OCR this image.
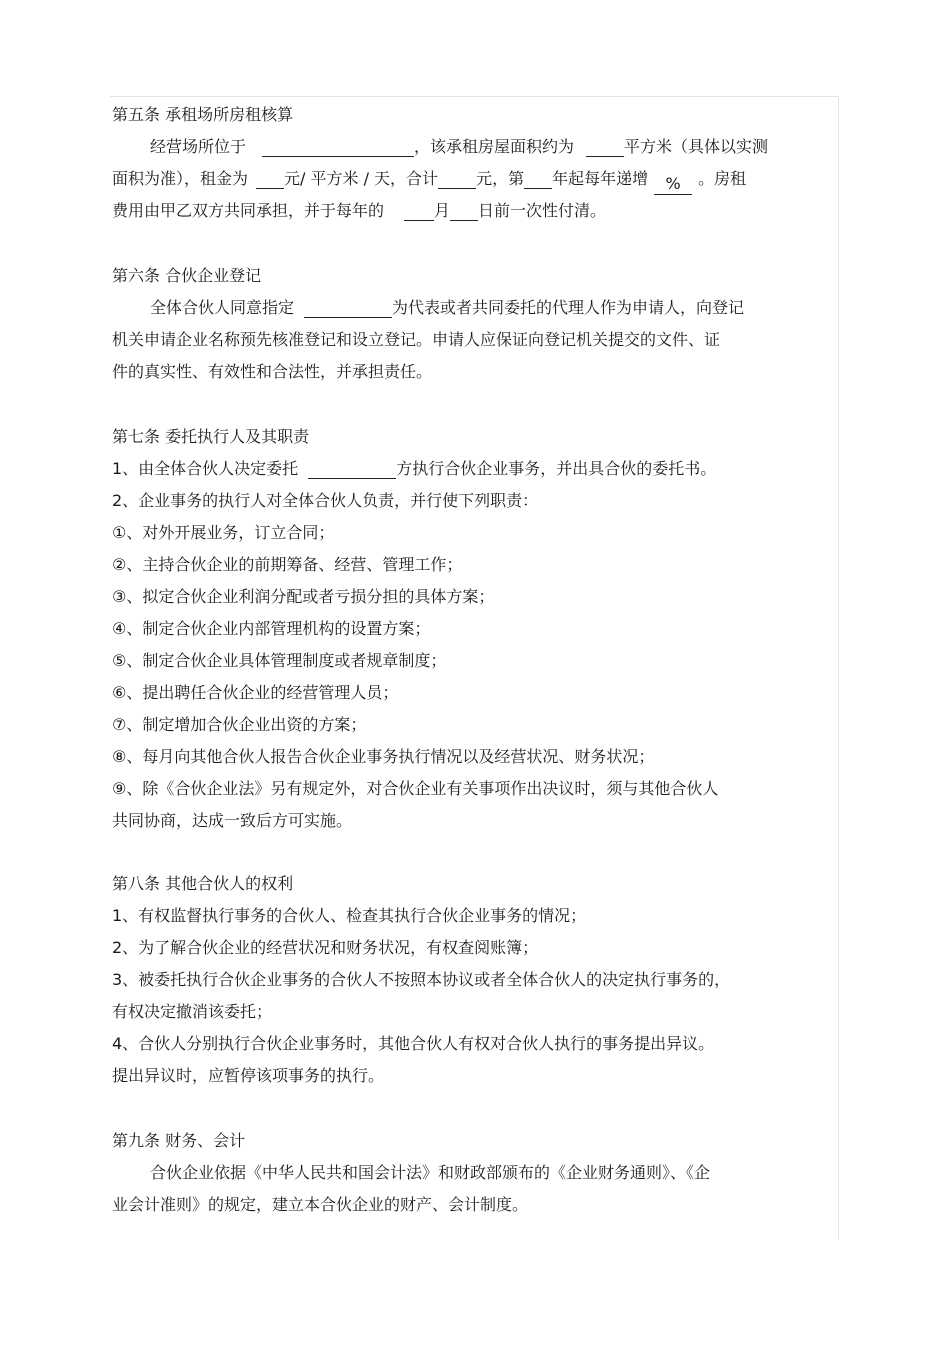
第五条 承租场所房租核算
经营场所位于	，该承租房屋面积约为	平方米（具体以实测
面积为准），租金为 元/ 平方米 / 天，合计 元，第 年起每年递增 % 。房租
费用由甲乙双方共同承担，并于每年的	月 日前一次性付清。
第六条 合伙企业登记
全体合伙人同意指定	为代表或者共同委托的代理人作为申请人，向登记
机关申请企业名称预先核准登记和设立登记。申请人应保证向登记机关提交的文件、证
件的真实性、有效性和合法性，并承担责任。
第七条 委托执行人及其职责
1、由全体合伙人决定委托	方执行合伙企业事务，并出具合伙的委托书。
2、企业事务的执行人对全体合伙人负责，并行使下列职责：
①、对外开展业务，订立合同；
②、主持合伙企业的前期筹备、经营、管理工作；
③、拟定合伙企业利润分配或者亏损分担的具体方案；
④、制定合伙企业内部管理机构的设置方案；
⑤、制定合伙企业具体管理制度或者规章制度；
⑥、提出聘任合伙企业的经营管理人员；
⑦、制定增加合伙企业出资的方案；
⑧、每月向其他合伙人报告合伙企业事务执行情况以及经营状况、财务状况；
⑨、除《合伙企业法》另有规定外，对合伙企业有关事项作出决议时，须与其他合伙人
共同协商，达成一致后方可实施。
第八条 其他合伙人的权利
1、有权监督执行事务的合伙人、检查其执行合伙企业事务的情况；
2、为了解合伙企业的经营状况和财务状况，有权查阅账簿；
3、被委托执行合伙企业事务的合伙人不按照本协议或者全体合伙人的决定执行事务的，
有权决定撤消该委托；
4、合伙人分别执行合伙企业事务时，其他合伙人有权对合伙人执行的事务提出异议。
提出异议时，应暂停该项事务的执行。
第九条 财务、会计
合伙企业依据《中华人民共和国会计法》和财政部颁布的《企业财务通则》、《企
业会计准则》的规定，建立本合伙企业的财产、会计制度。
